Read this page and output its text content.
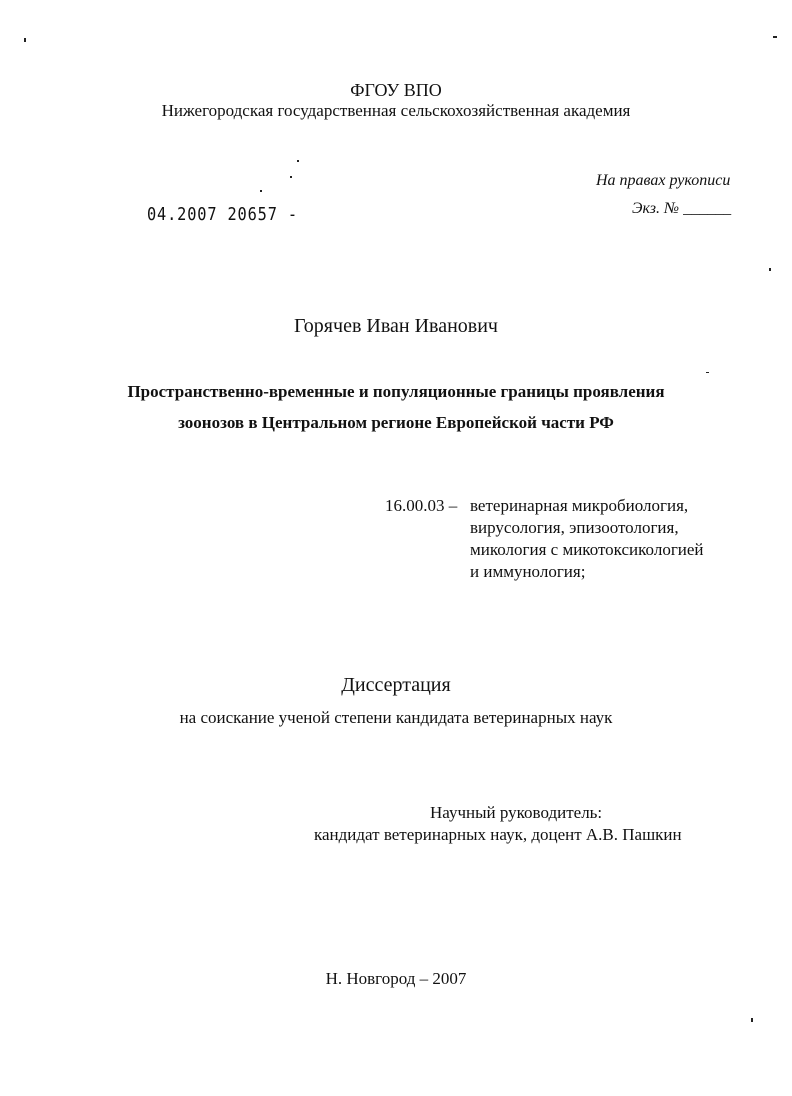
ФГОУ ВПО
Нижегородская государственная сельскохозяйственная академия
На правах рукописи
Экз. № ______
04.2007 20657 -
Горячев Иван Иванович
Пространственно-временные и популяционные границы проявления
зоонозов в Центральном регионе Европейской части РФ
16.00.03 – ветеринарная микробиология,
вирусология, эпизоотология,
микология с микотоксикологией
и иммунология;
Диссертация
на соискание ученой степени кандидата ветеринарных наук
Научный руководитель:
кандидат ветеринарных наук, доцент А.В. Пашкин
Н. Новгород – 2007
